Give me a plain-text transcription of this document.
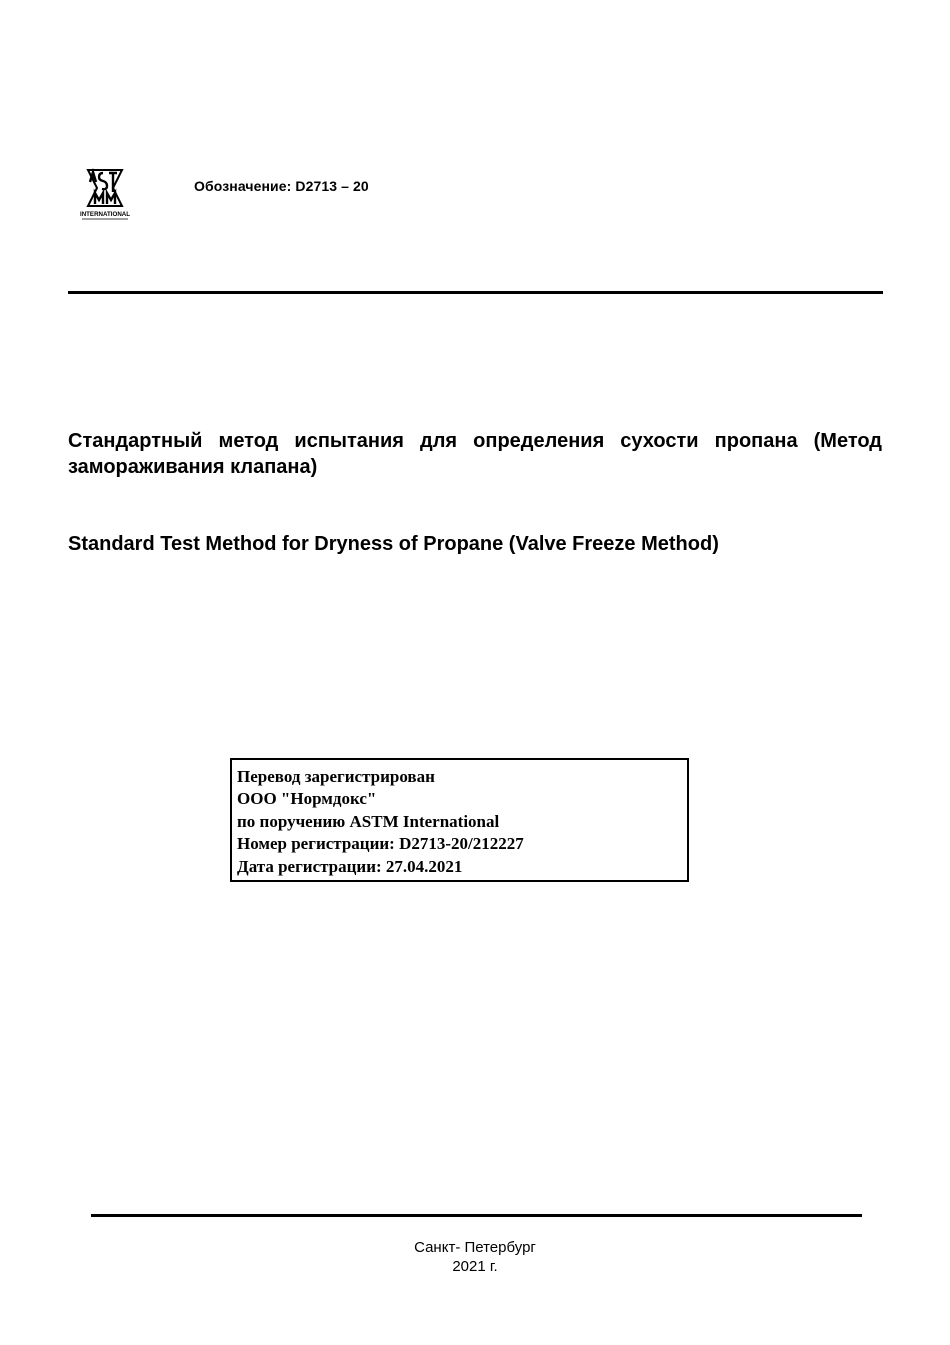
INTERNATIONAL
Обозначение: D2713 – 20
Стандартный метод испытания для определения сухости пропана (Метод замораживания клапана)
Standard Test Method for Dryness of Propane (Valve Freeze Method)
Перевод зарегистрирован
ООО "Нормдокс"
по поручению ASTM International
Номер регистрации: D2713-20/212227
Дата регистрации: 27.04.2021
Санкт- Петербург
2021 г.
